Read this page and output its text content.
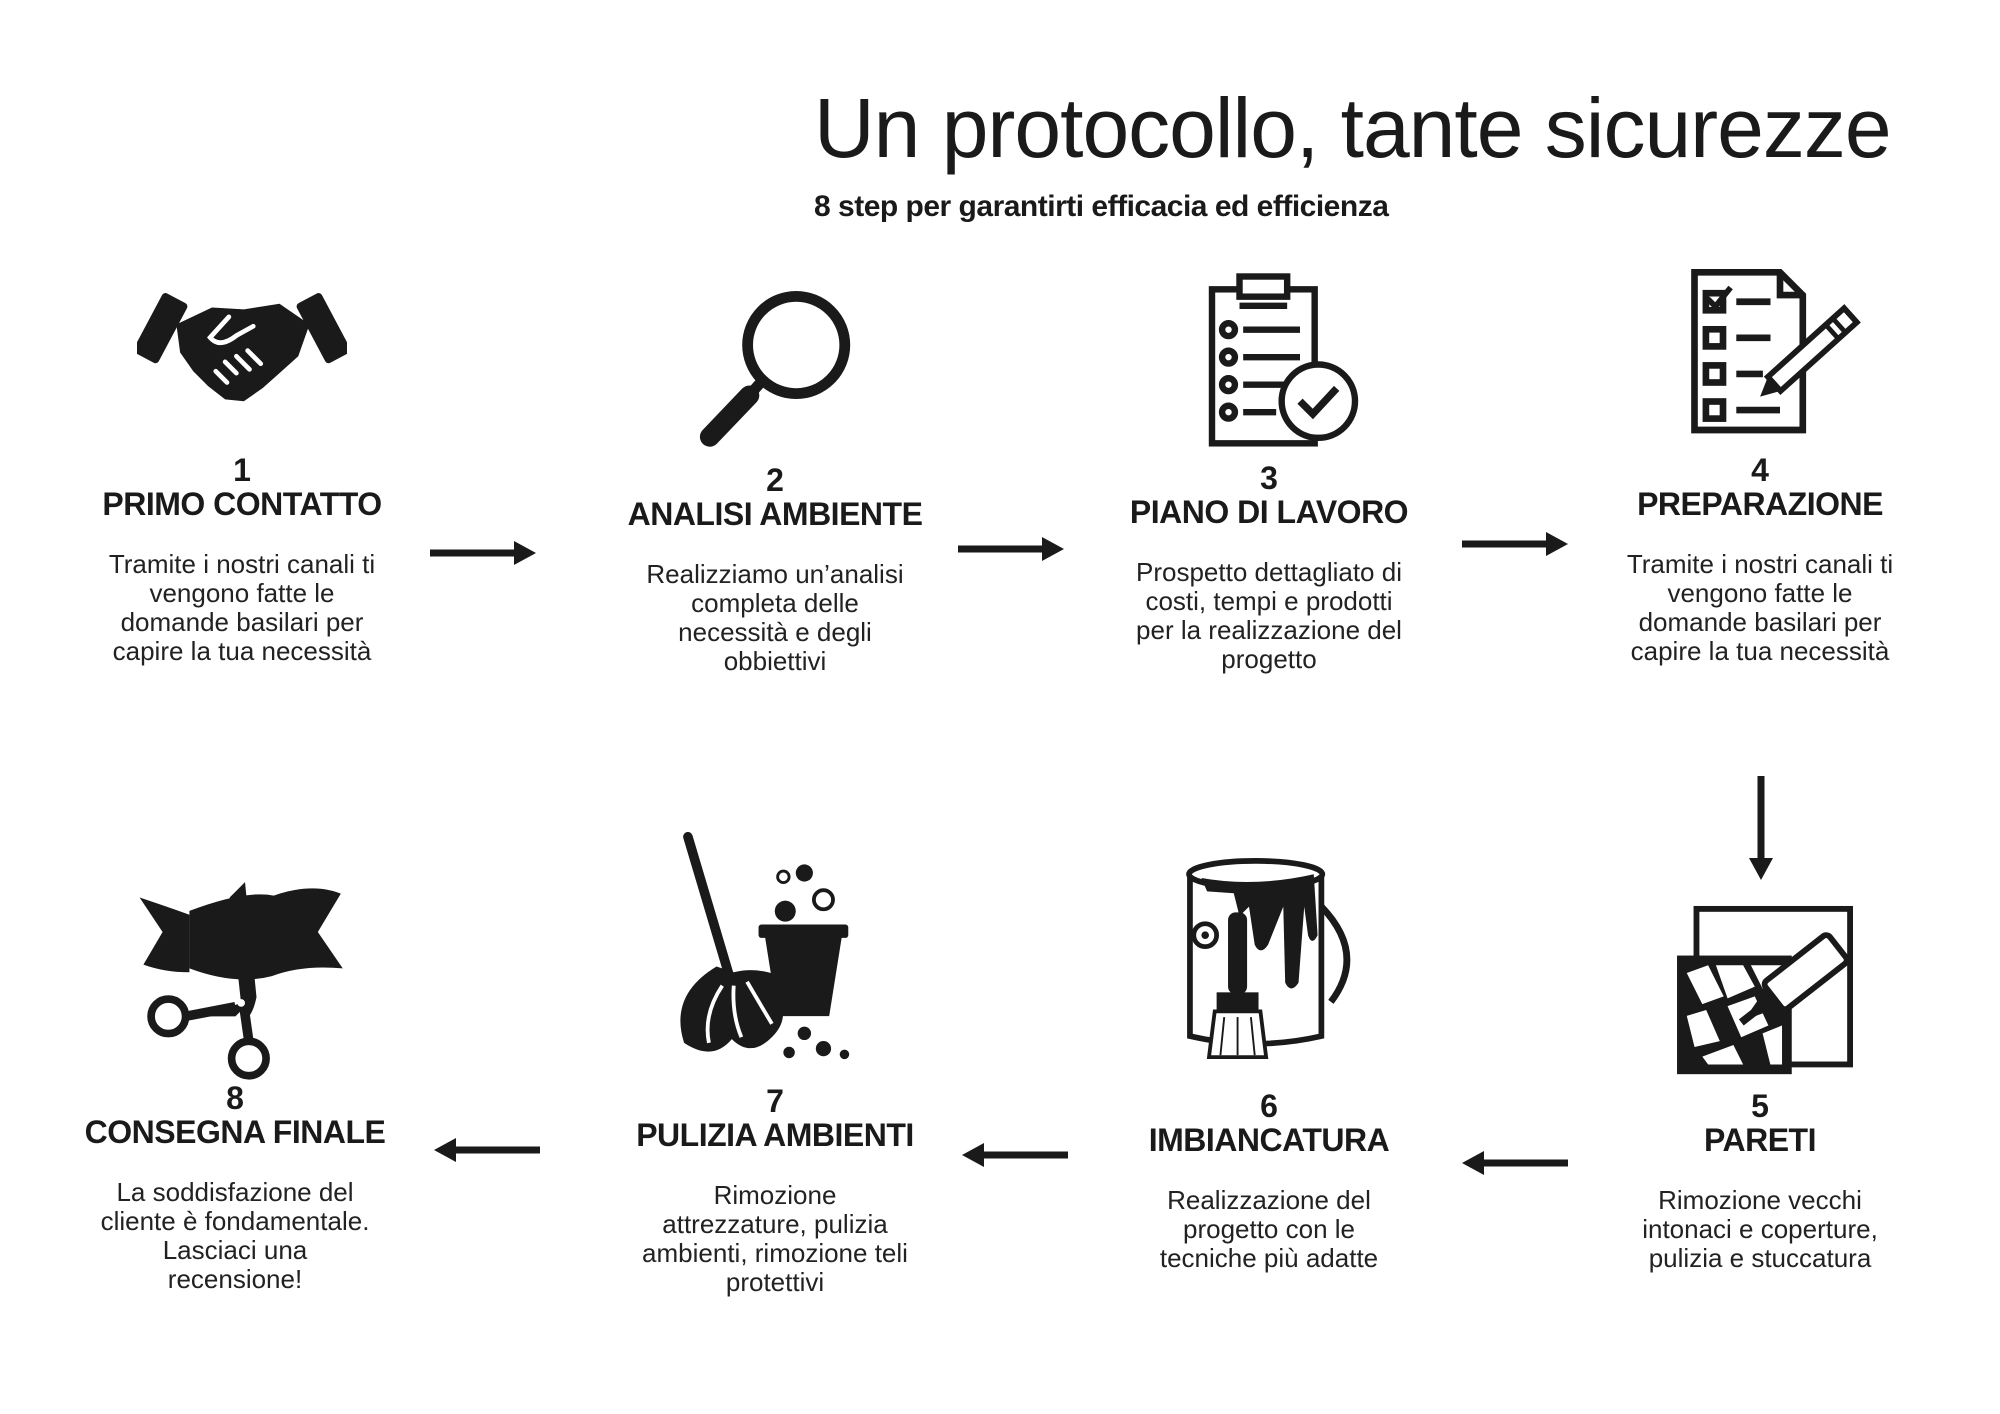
Un protocollo, tante sicurezze
8 step per garantirti efficacia ed efficienza
1
PRIMO CONTATTO
Tramite i nostri canali ti vengono fatte le domande basilari per capire la tua necessità
2
ANALISI AMBIENTE
Realizziamo un’analisi completa delle necessità e degli obbiettivi
3
PIANO DI LAVORO
Prospetto dettagliato di costi, tempi e prodotti per la realizzazione del progetto
4
PREPARAZIONE
Tramite i nostri canali ti vengono fatte le domande basilari per capire la tua necessità
5
PARETI
Rimozione vecchi intonaci e coperture, pulizia e stuccatura
6
IMBIANCATURA
Realizzazione del progetto con le tecniche più adatte
7
PULIZIA AMBIENTI
Rimozione attrezzature, pulizia ambienti, rimozione teli protettivi
8
CONSEGNA FINALE
La soddisfazione del cliente è fondamentale. Lasciaci una recensione!
